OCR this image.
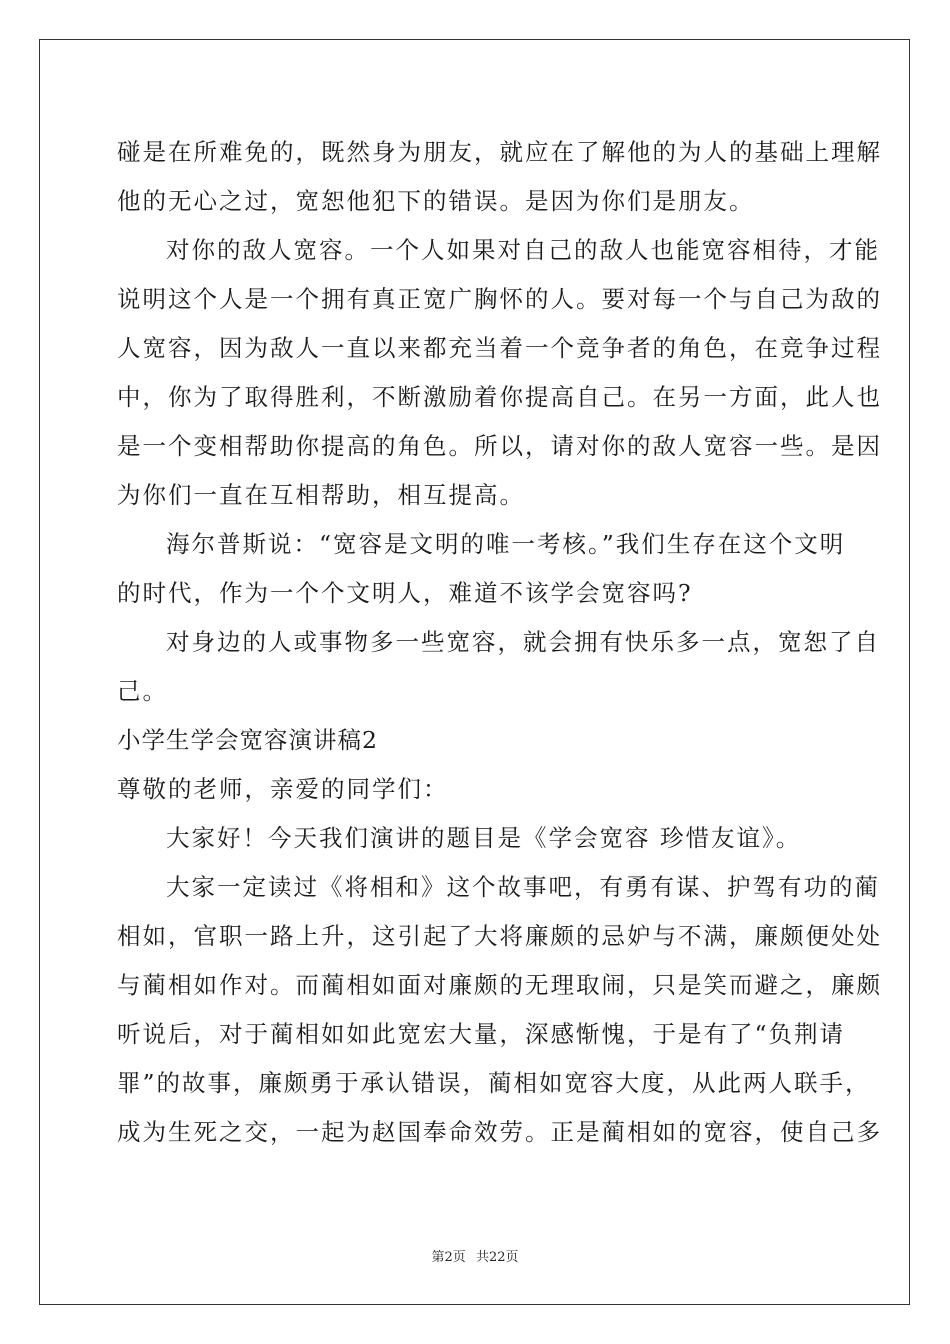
碰是在所难免的，既然身为朋友，就应在了解他的为人的基础上理解
他的无心之过，宽恕他犯下的错误。是因为你们是朋友。
对你的敌人宽容。一个人如果对自己的敌人也能宽容相待，才能
说明这个人是一个拥有真正宽广胸怀的人。要对每一个与自己为敌的
人宽容，因为敌人一直以来都充当着一个竞争者的角色，在竞争过程
中，你为了取得胜利，不断激励着你提高自己。在另一方面，此人也
是一个变相帮助你提高的角色。所以，请对你的敌人宽容一些。是因
为你们一直在互相帮助，相互提高。
海尔普斯说：“宽容是文明的唯一考核。”我们生存在这个文明
的时代，作为一个个文明人，难道不该学会宽容吗?
对身边的人或事物多一些宽容，就会拥有快乐多一点，宽恕了自
己。
小学生学会宽容演讲稿2
尊敬的老师，亲爱的同学们：
大家好！今天我们演讲的题目是《学会宽容 珍惜友谊》。
大家一定读过《将相和》这个故事吧，有勇有谋、护驾有功的蔺
相如，官职一路上升，这引起了大将廉颇的忌妒与不满，廉颇便处处
与蔺相如作对。而蔺相如面对廉颇的无理取闹，只是笑而避之，廉颇
听说后，对于蔺相如如此宽宏大量，深感惭愧，于是有了“负荆请
罪”的故事，廉颇勇于承认错误，蔺相如宽容大度，从此两人联手，
成为生死之交，一起为赵国奉命效劳。正是蔺相如的宽容，使自己多
第2页 共22页
